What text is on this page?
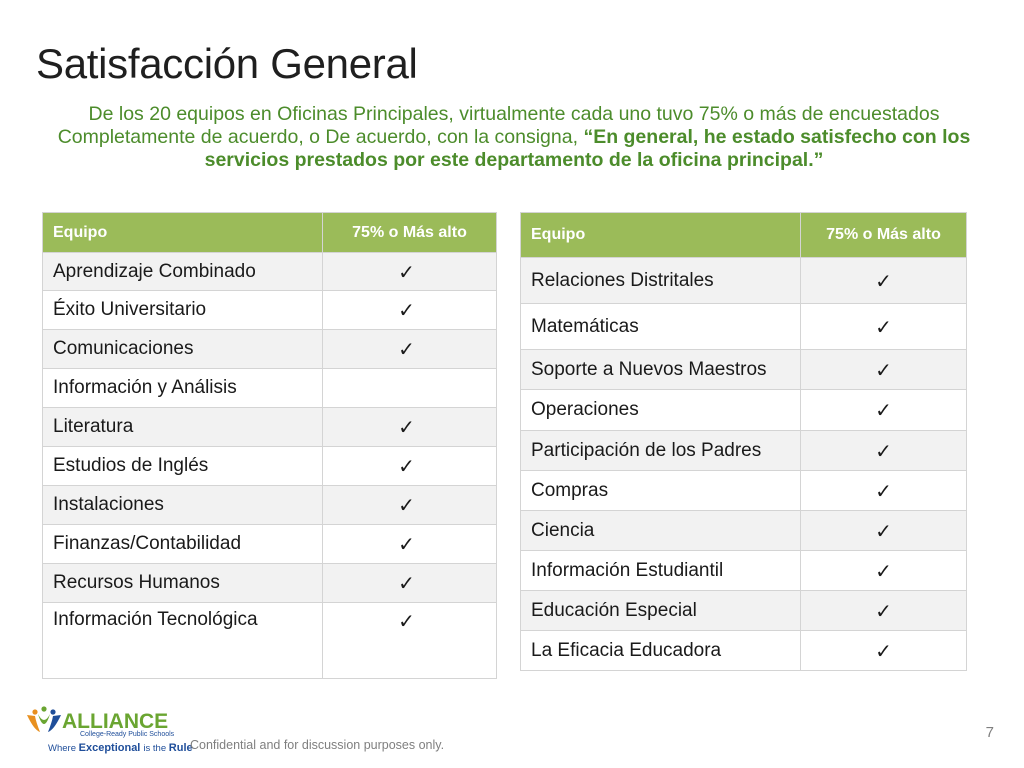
Satisfacción General
De los 20 equipos en Oficinas Principales, virtualmente cada uno tuvo 75% o más de encuestados Completamente de acuerdo, o De acuerdo, con la consigna, “En general, he estado satisfecho con los servicios prestados por este departamento de la oficina principal.”
Equipo	75% o Más alto
Aprendizaje Combinado	✓
Éxito Universitario	✓
Comunicaciones	✓
Información y Análisis	
Literatura	✓
Estudios de Inglés	✓
Instalaciones	✓
Finanzas/Contabilidad	✓
Recursos Humanos	✓
Información Tecnológica	✓
Equipo	75% o Más alto
Relaciones Distritales	✓
Matemáticas	✓
Soporte a Nuevos Maestros	✓
Operaciones	✓
Participación de los Padres	✓
Compras	✓
Ciencia	✓
Información Estudiantil	✓
Educación Especial	✓
La Eficacia Educadora	✓
ALLIANCE
College-Ready Public Schools
Where Exceptional is the Rule
Confidential and for discussion purposes only.
7
